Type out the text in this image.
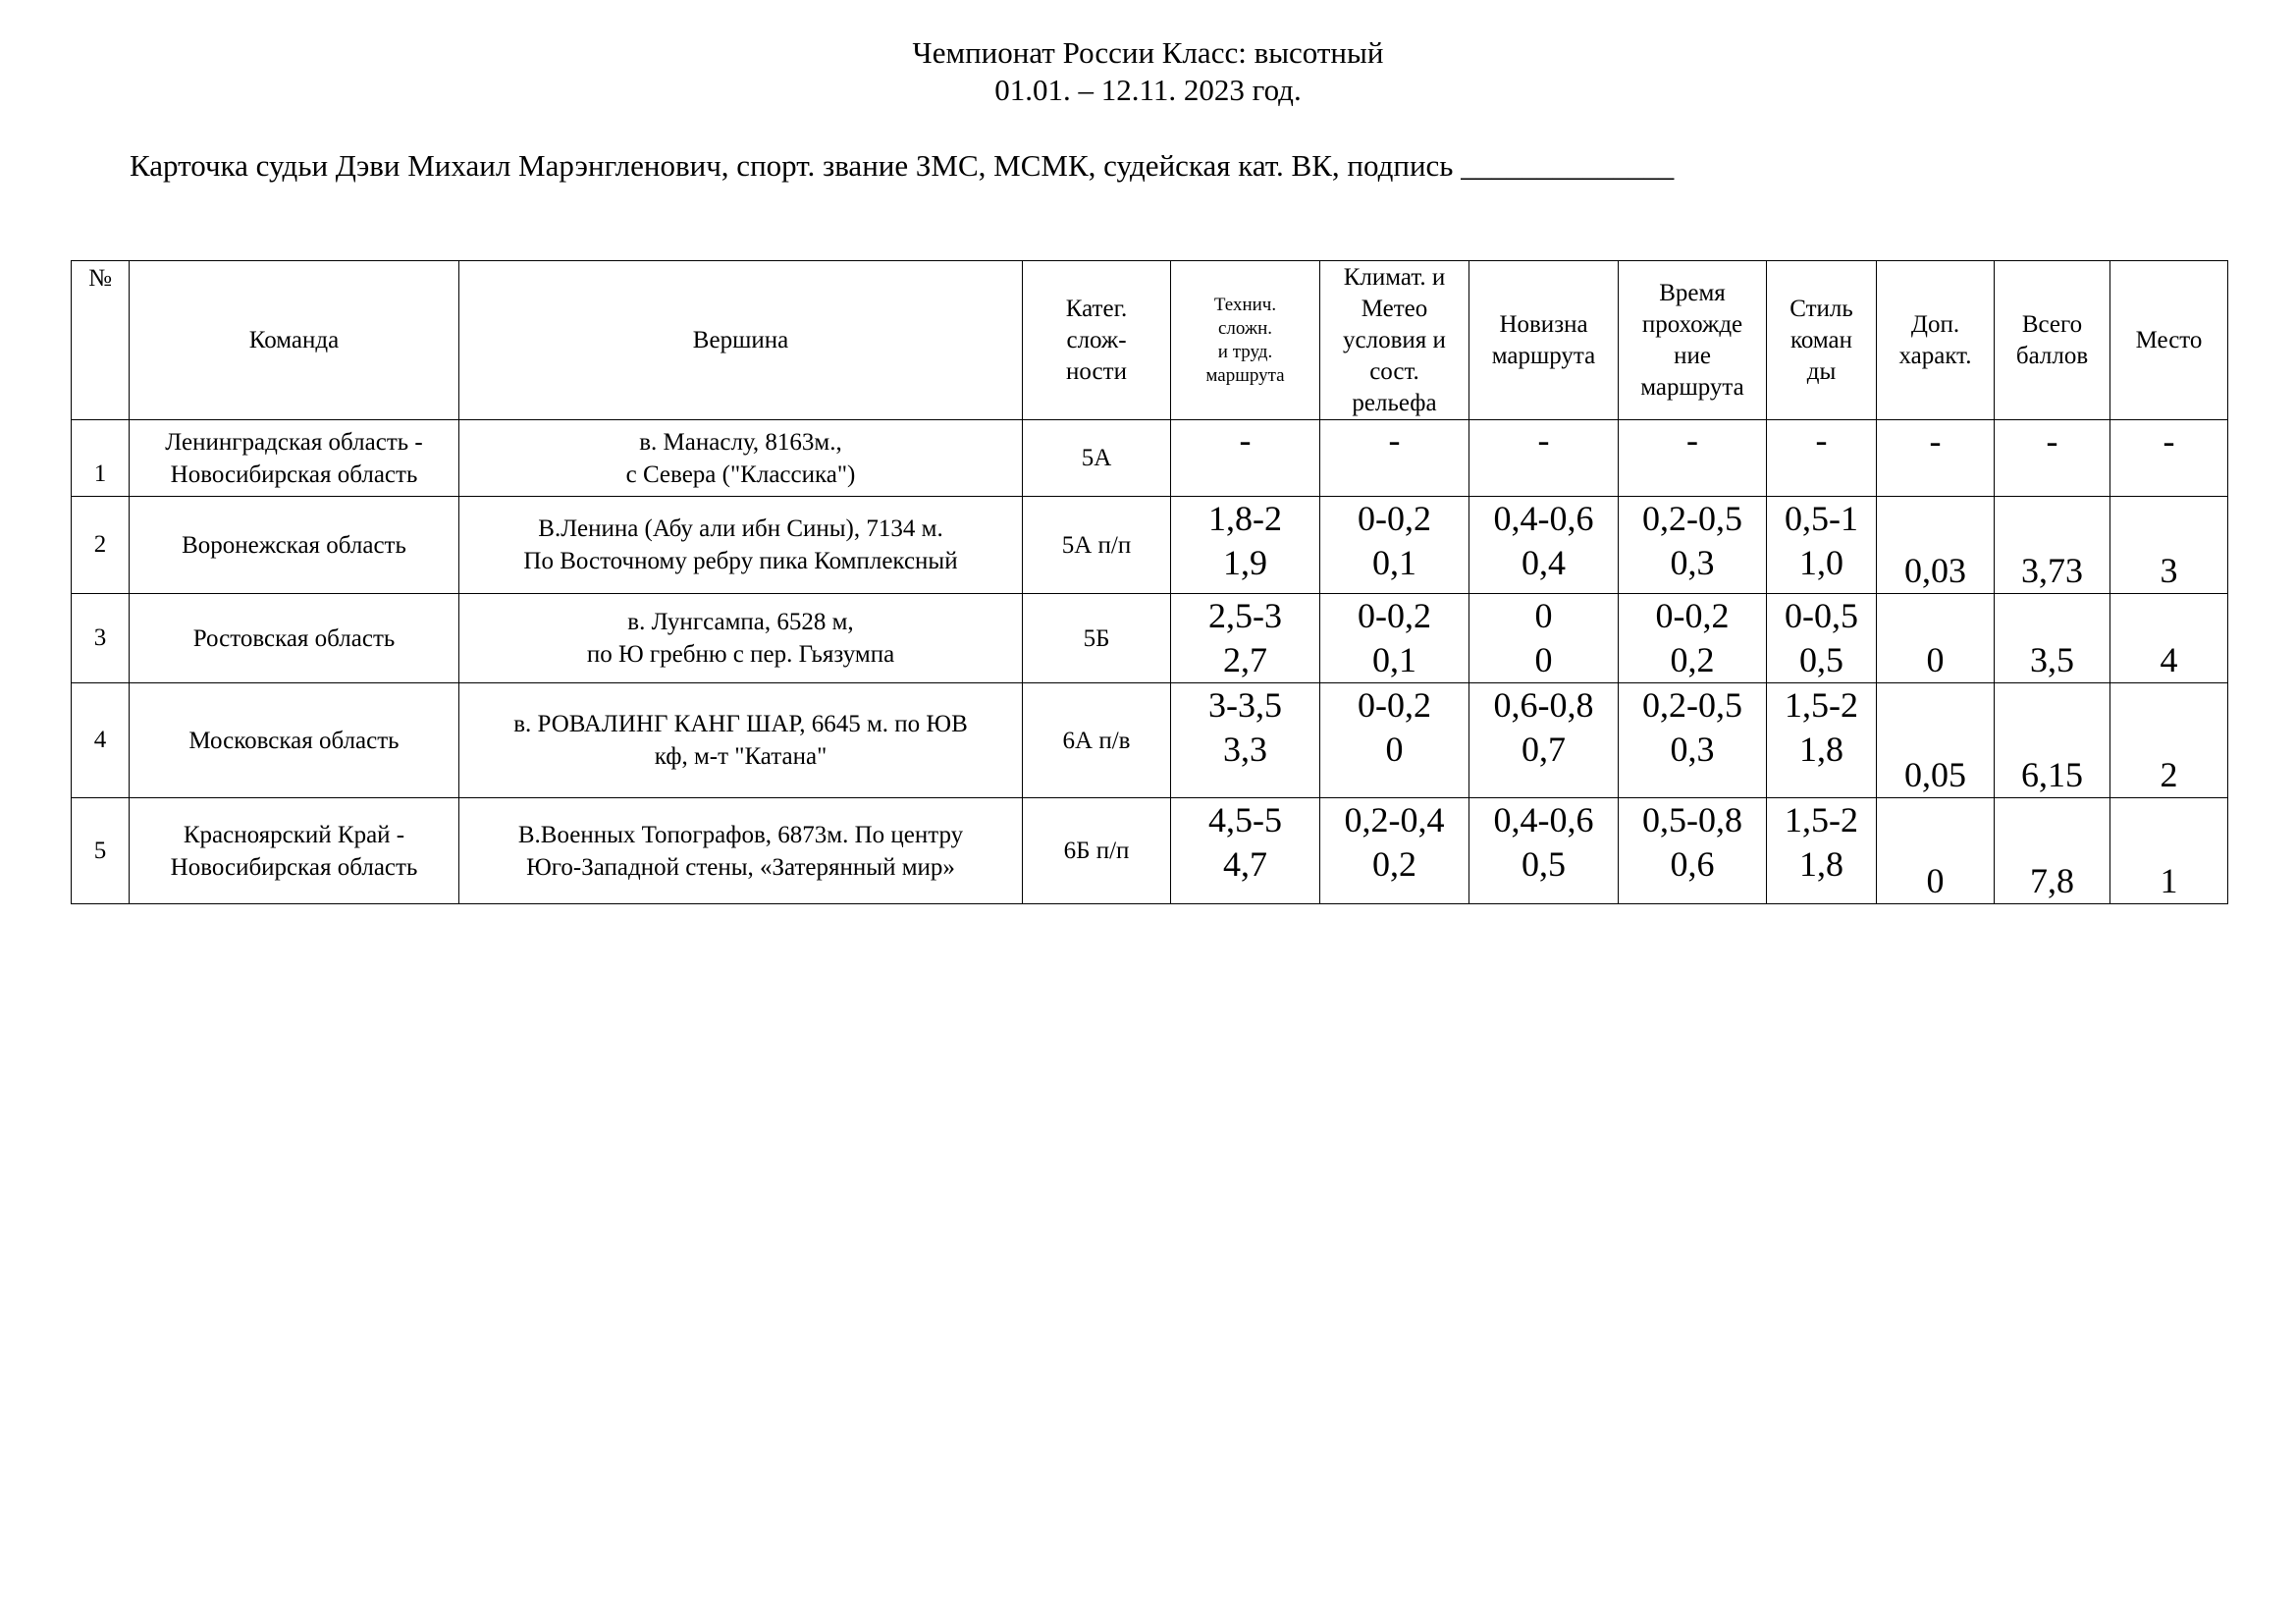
Чемпионат России Класс: высотный
01.01. – 12.11. 2023 год.
Карточка судьи Дэви Михаил Марэнгленович, спорт. звание ЗМС, МСМК, судейская кат. ВК, подпись ______________
№	Команда	Вершина	Катег.
слож-
ности	Технич.
сложн.
и труд.
маршрута	Климат. и
Метео
условия и
сост.
рельефа	Новизна
маршрута	Время
прохожде
ние
маршрута	Стиль
коман
ды	Доп.
характ.	Всего
баллов	Место
1	Ленинградская область -
Новосибирская область	в. Манаслу, 8163м.,
с Севера ("Классика")	5А	-	-	-	-	-	-	-	-
2	Воронежская область	В.Ленина (Абу али ибн Сины), 7134 м.
По Восточному ребру пика Комплексный	5А п/п	1,8-2
1,9	0-0,2
0,1	0,4-0,6
0,4	0,2-0,5
0,3	0,5-1
1,0	0,03	3,73	3
3	Ростовская область	в. Лунгсампа, 6528 м,
по Ю гребню с пер. Гьязумпа	5Б	2,5-3
2,7	0-0,2
0,1	0
0	0-0,2
0,2	0-0,5
0,5	0	3,5	4
4	Московская область	в. РОВАЛИНГ КАНГ ШАР, 6645 м. по ЮВ
кф, м-т "Катана"	6А п/в	3-3,5
3,3	0-0,2
0	0,6-0,8
0,7	0,2-0,5
0,3	1,5-2
1,8	0,05	6,15	2
5	Красноярский Край -
Новосибирская область	В.Военных Топографов, 6873м. По центру
Юго-Западной стены, «Затерянный мир»	6Б п/п	4,5-5
4,7	0,2-0,4
0,2	0,4-0,6
0,5	0,5-0,8
0,6	1,5-2
1,8	0	7,8	1
